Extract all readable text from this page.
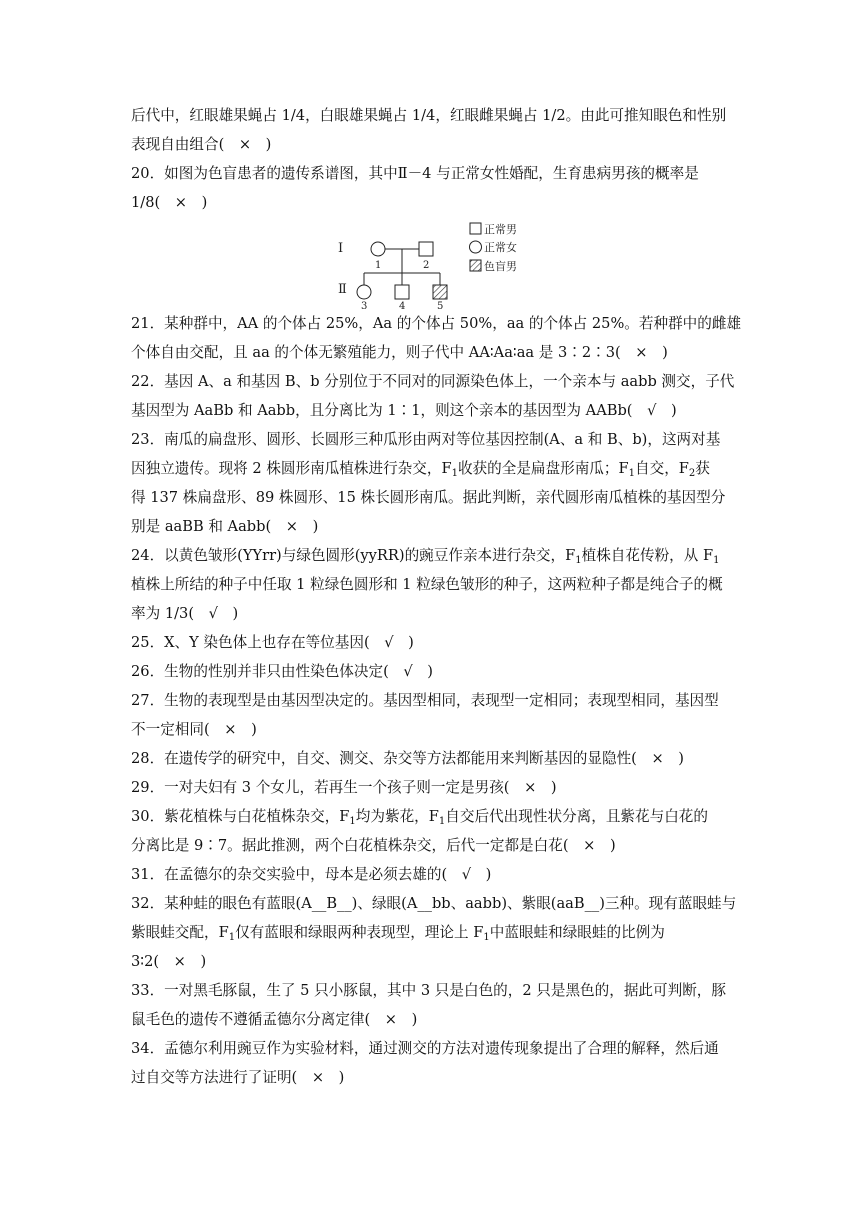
后代中，红眼雄果蝇占 1/4，白眼雄果蝇占 1/4，红眼雌果蝇占 1/2。由此可推知眼色和性别
表现自由组合(　×　)
20．如图为色盲患者的遗传系谱图，其中Ⅱ－4 与正常女性婚配，生育患病男孩的概率是
1/8(　×　)
Ⅰ
Ⅱ
1	2
3	4	5
正常男
正常女
色盲男
21．某种群中，AA 的个体占 25%，Aa 的个体占 50%，aa 的个体占 25%。若种群中的雌雄
个体自由交配，且 aa 的个体无繁殖能力，则子代中 AA∶Aa∶aa 是 3∶2∶3(　×　)
22．基因 A、a 和基因 B、b 分别位于不同对的同源染色体上，一个亲本与 aabb 测交，子代
基因型为 AaBb 和 Aabb，且分离比为 1∶1，则这个亲本的基因型为 AABb(　√　)
23．南瓜的扁盘形、圆形、长圆形三种瓜形由两对等位基因控制(A、a 和 B、b)，这两对基
因独立遗传。现将 2 株圆形南瓜植株进行杂交，$F_1$收获的全是扁盘形南瓜；$F_1$自交，$F_2$获
得 137 株扁盘形、89 株圆形、15 株长圆形南瓜。据此判断，亲代圆形南瓜植株的基因型分
别是 aaBB 和 Aabb(　×　)
24．以黄色皱形(YYrr)与绿色圆形(yyRR)的豌豆作亲本进行杂交，$F_1$植株自花传粉，从 $F_1$
植株上所结的种子中任取 1 粒绿色圆形和 1 粒绿色皱形的种子，这两粒种子都是纯合子的概
率为 1/3(　√　)
25．X、Y 染色体上也存在等位基因(　√　)
26．生物的性别并非只由性染色体决定(　√　)
27．生物的表现型是由基因型决定的。基因型相同，表现型一定相同；表现型相同，基因型
不一定相同(　×　)
28．在遗传学的研究中，自交、测交、杂交等方法都能用来判断基因的显隐性(　×　)
29．一对夫妇有 3 个女儿，若再生一个孩子则一定是男孩(　×　)
30．紫花植株与白花植株杂交，$F_1$均为紫花，$F_1$自交后代出现性状分离，且紫花与白花的
分离比是 9∶7。据此推测，两个白花植株杂交，后代一定都是白花(　×　)
31．在孟德尔的杂交实验中，母本是必须去雄的(　√　)
32．某种蛙的眼色有蓝眼(A__B__)、绿眼(A__bb、aabb)、紫眼(aaB__)三种。现有蓝眼蛙与
紫眼蛙交配，$F_1$仅有蓝眼和绿眼两种表现型，理论上 $F_1$中蓝眼蛙和绿眼蛙的比例为
3∶2(　×　)
33．一对黑毛豚鼠，生了 5 只小豚鼠，其中 3 只是白色的，2 只是黑色的，据此可判断，豚
鼠毛色的遗传不遵循孟德尔分离定律(　×　)
34．孟德尔利用豌豆作为实验材料，通过测交的方法对遗传现象提出了合理的解释，然后通
过自交等方法进行了证明(　×　)
